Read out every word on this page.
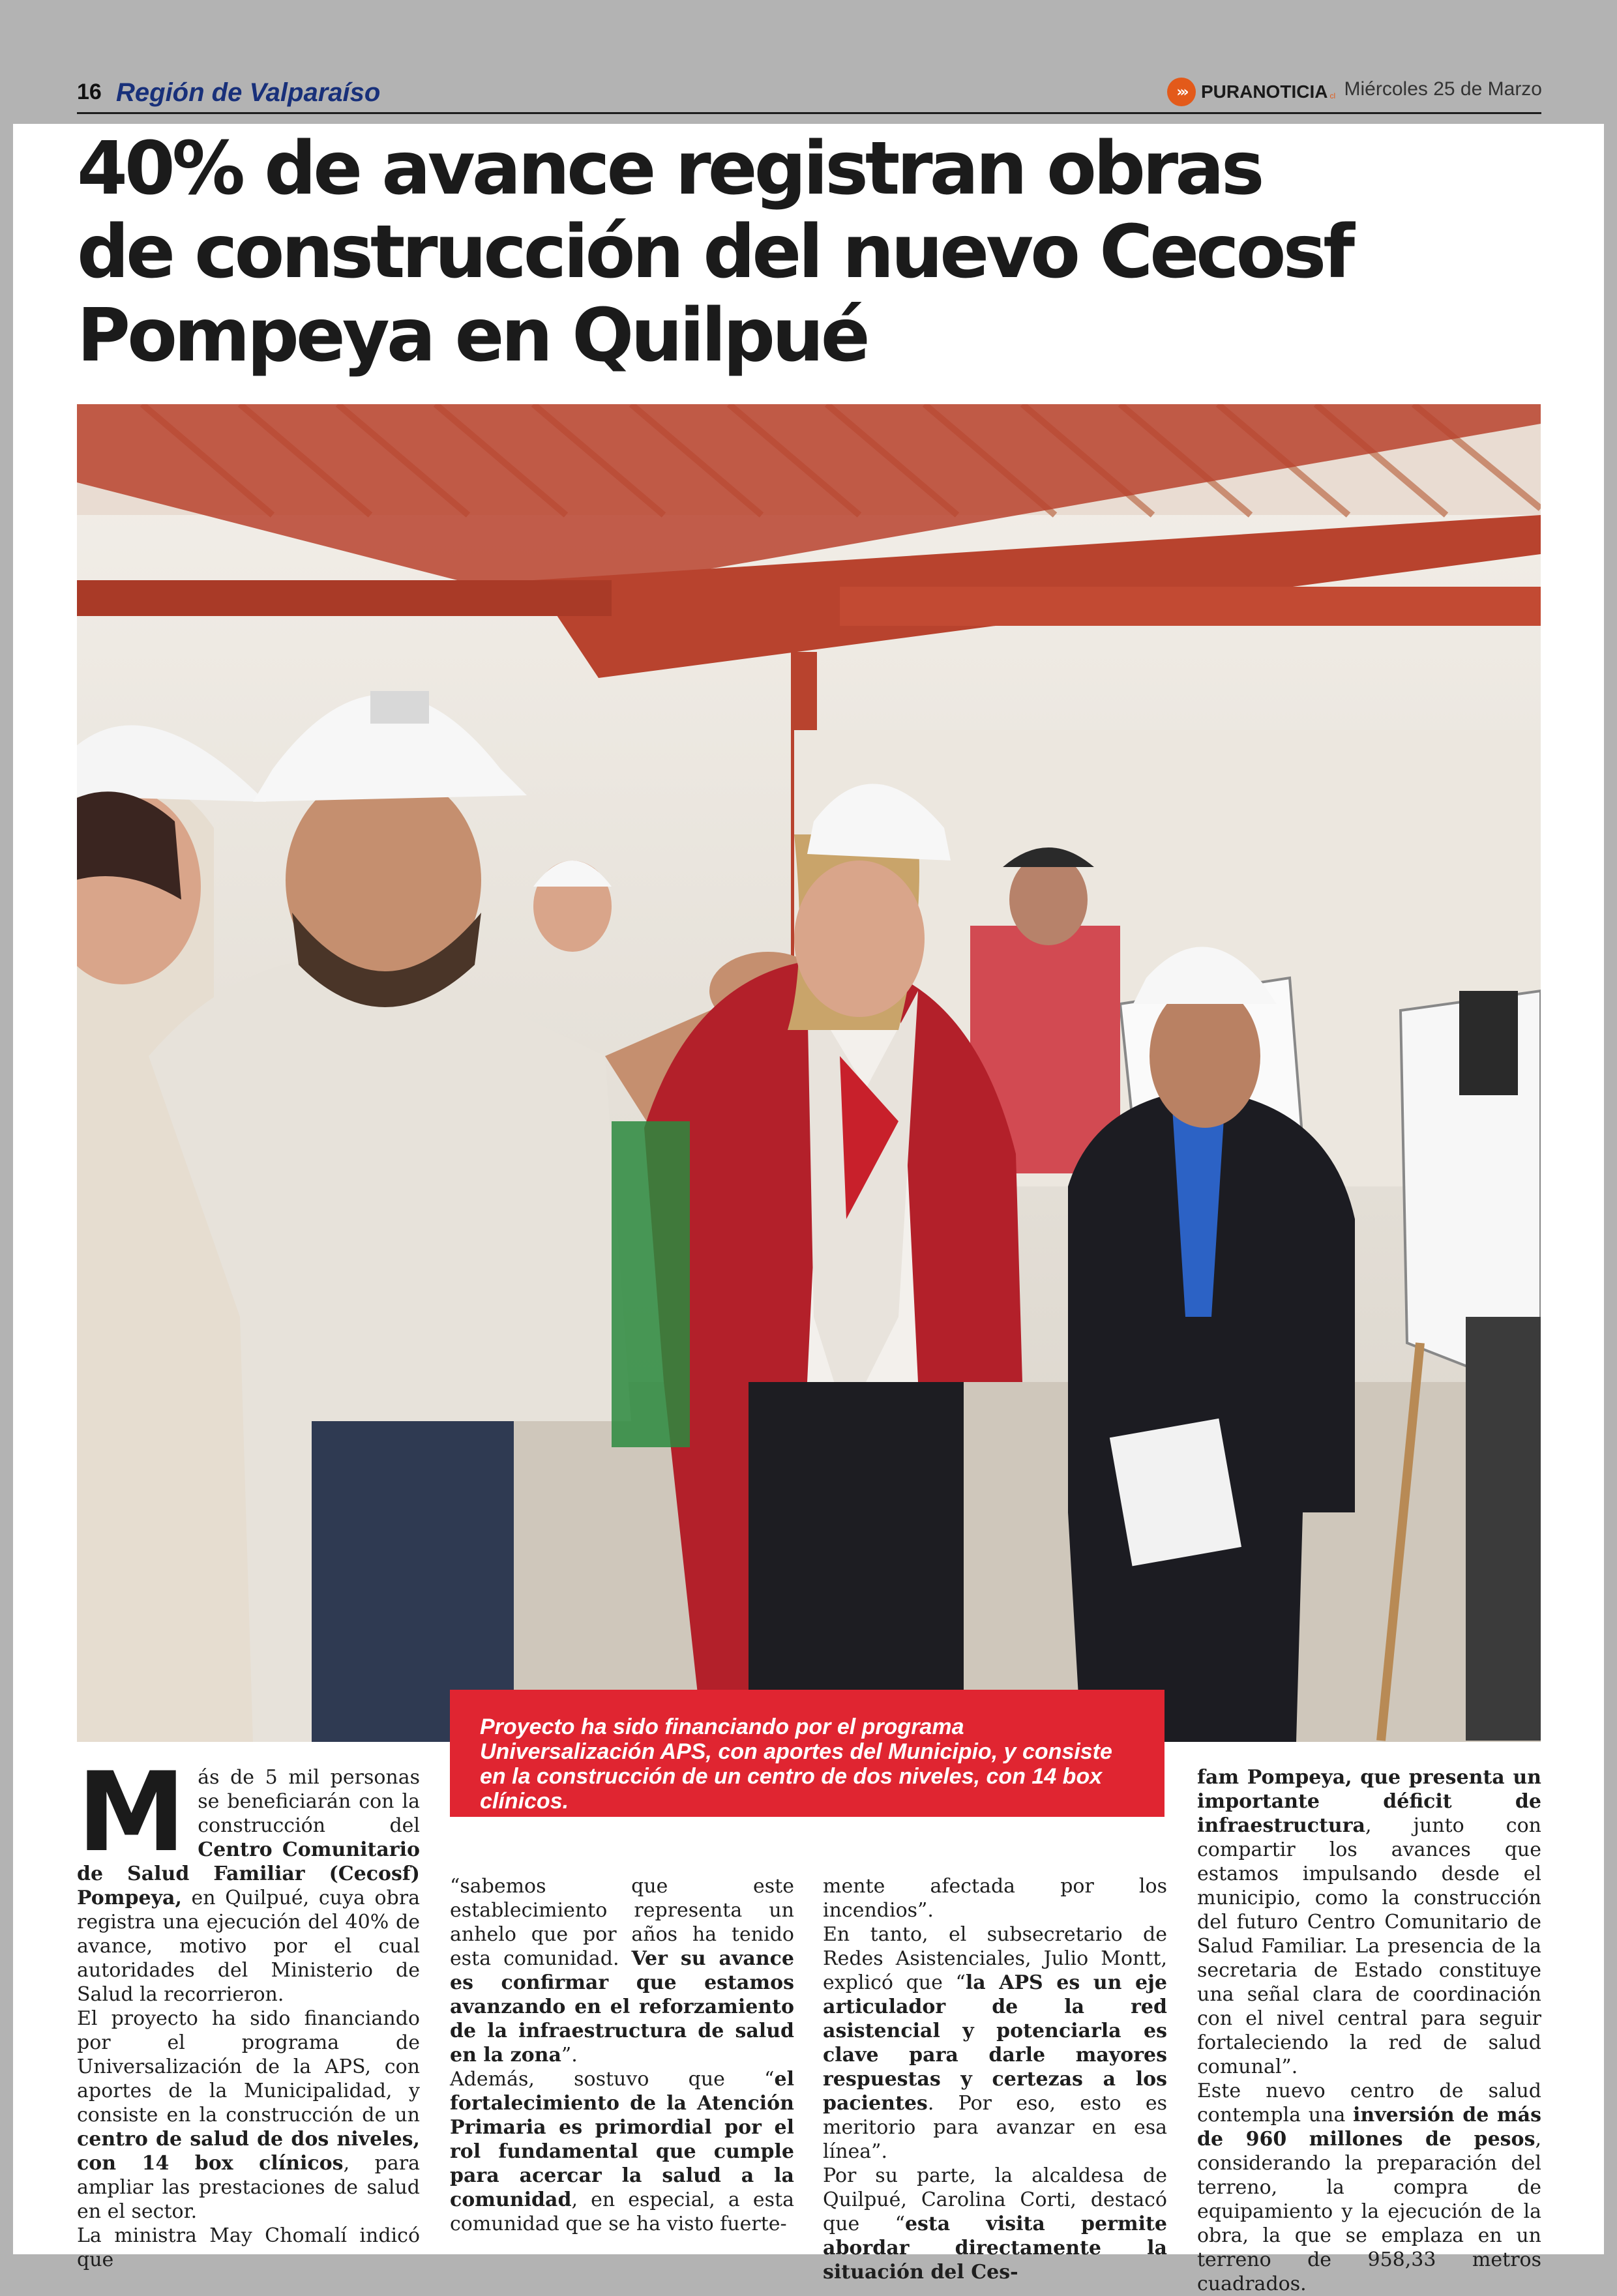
16 Región de Valparaíso	››› PURANOTICIA cl Miércoles 25 de Marzo
40% de avance registran obras
de construcción del nuevo Cecosf
Pompeya en Quilpué

Proyecto ha sido financiando por el programa Universalización APS, con aportes del Municipio, y consiste en la construcción de un centro de dos niveles, con 14 box clínicos.

Más de 5 mil personas se beneficiarán con la construcción del Centro Comunitario de Salud Familiar (Cecosf) Pompeya, en Quilpué, cuya obra registra una ejecución del 40% de avance, motivo por el cual autoridades del Ministerio de Salud la recorrieron.

El proyecto ha sido financiando por el programa de Universalización de la APS, con aportes de la Municipalidad, y consiste en la construcción de un centro de salud de dos niveles, con 14 box clínicos, para ampliar las prestaciones de salud en el sector.

La ministra May Chomalí indicó que

“sabemos que este establecimiento representa un anhelo que por años ha tenido esta comunidad. Ver su avance es confirmar que estamos avanzando en el reforzamiento de la infraestructura de salud en la zona”.

Además, sostuvo que “el fortalecimiento de la Atención Primaria es primordial por el rol fundamental que cumple para acercar la salud a la comunidad, en especial, a esta comunidad que se ha visto fuerte-

mente afectada por los incendios”.

En tanto, el subsecretario de Redes Asistenciales, Julio Montt, explicó que “la APS es un eje articulador de la red asistencial y potenciarla es clave para darle mayores respuestas y certezas a los pacientes. Por eso, esto es meritorio para avanzar en esa línea”.

Por su parte, la alcaldesa de Quilpué, Carolina Corti, destacó que “esta visita permite abordar directamente la situación del Ces-

fam Pompeya, que presenta un importante déficit de infraestructura, junto con compartir los avances que estamos impulsando desde el municipio, como la construcción del futuro Centro Comunitario de Salud Familiar. La presencia de la secretaria de Estado constituye una señal clara de coordinación con el nivel central para seguir fortaleciendo la red de salud comunal”.

Este nuevo centro de salud contempla una inversión de más de 960 millones de pesos, considerando la preparación del terreno, la compra de equipamiento y la ejecución de la obra, la que se emplaza en un terreno de 958,33 metros cuadrados.
